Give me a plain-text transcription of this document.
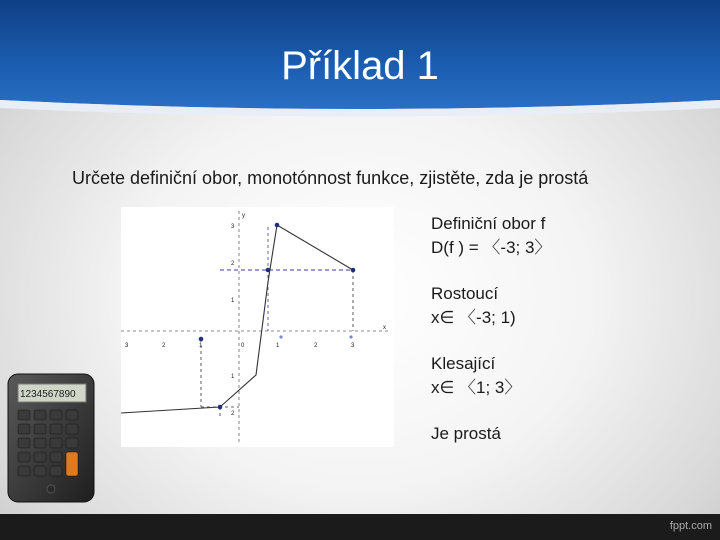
Příklad 1
Určete definiční obor, monotónnost funkce, zjistěte, zda je prostá
3	2	1	0	1	2	3
3
2
1
1
2
y
x
Definiční obor f
D(f ) = 〈-3; 3〉
Rostoucí
x∈ 〈-3; 1)
Klesající
x∈ 〈1; 3〉
Je prostá
1234567890
fppt.com
